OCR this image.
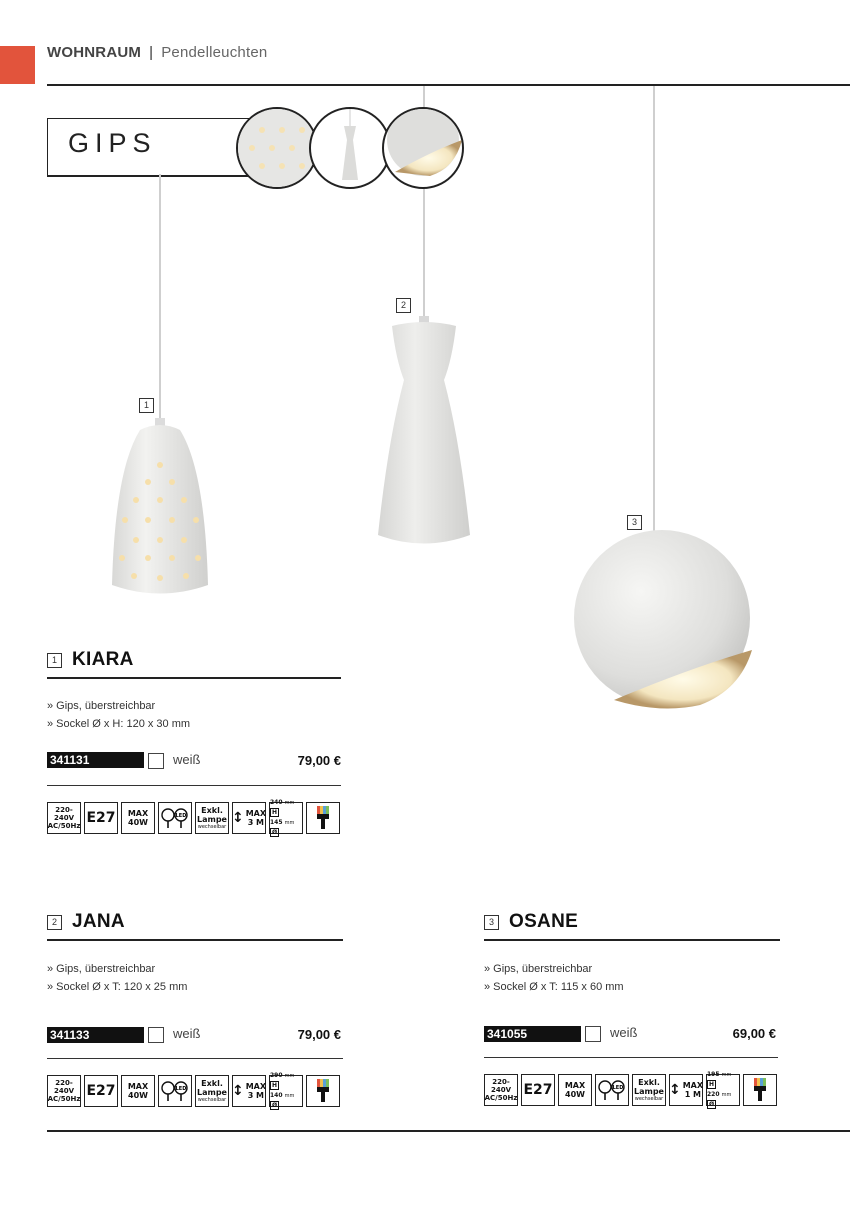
WOHNRAUM | Pendelleuchten
GIPS
1
2
3
1 KIARA
» Gips, überstreichbar
» Sockel Ø x H: 120 x 30 mm
341131	weiß	79,00 €
220-240V
AC/50Hz E27 MAX
40W
LED
Exkl.
Lampe
wechselbar
↕ MAX
3 M
240 mm H
145 mm Ø
2 JANA
» Gips, überstreichbar
» Sockel Ø x T: 120 x 25 mm
341133	weiß	79,00 €
220-240V
AC/50Hz E27 MAX
40W
LED
Exkl.
Lampe
wechselbar
↕ MAX
3 M
290 mm H
140 mm Ø
3 OSANE
» Gips, überstreichbar
» Sockel Ø x T: 115 x 60 mm
341055	weiß	69,00 €
220-240V
AC/50Hz E27 MAX
40W
LED
Exkl.
Lampe
wechselbar
↕ MAX
1 M
195 mm H
220 mm Ø
